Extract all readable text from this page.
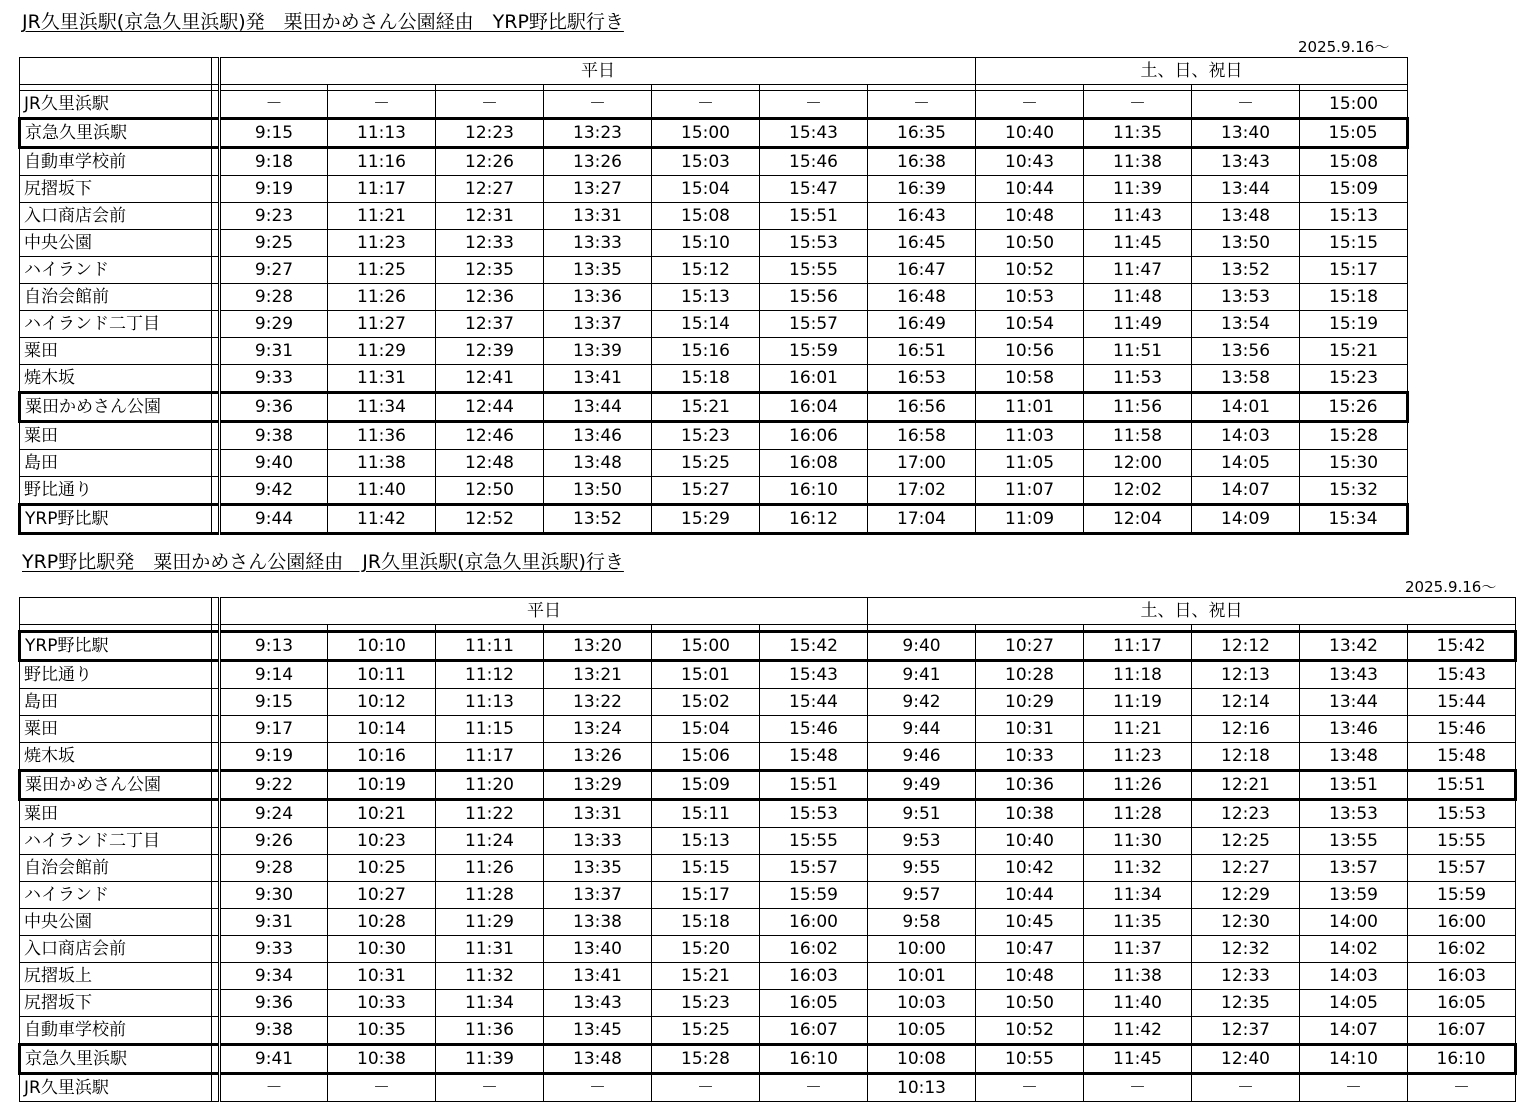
JR久里浜駅(京急久里浜駅)発　栗田かめさん公園経由　YRP野比駅行き
2025.9.16～
		平日							土、日、祝日			

JR久里浜駅		－	－	－	－	－	－	－	－	－	－	15:00
京急久里浜駅		9:15	11:13	12:23	13:23	15:00	15:43	16:35	10:40	11:35	13:40	15:05
自動車学校前		9:18	11:16	12:26	13:26	15:03	15:46	16:38	10:43	11:38	13:43	15:08
尻摺坂下		9:19	11:17	12:27	13:27	15:04	15:47	16:39	10:44	11:39	13:44	15:09
入口商店会前		9:23	11:21	12:31	13:31	15:08	15:51	16:43	10:48	11:43	13:48	15:13
中央公園		9:25	11:23	12:33	13:33	15:10	15:53	16:45	10:50	11:45	13:50	15:15
ハイランド		9:27	11:25	12:35	13:35	15:12	15:55	16:47	10:52	11:47	13:52	15:17
自治会館前		9:28	11:26	12:36	13:36	15:13	15:56	16:48	10:53	11:48	13:53	15:18
ハイランド二丁目		9:29	11:27	12:37	13:37	15:14	15:57	16:49	10:54	11:49	13:54	15:19
粟田		9:31	11:29	12:39	13:39	15:16	15:59	16:51	10:56	11:51	13:56	15:21
焼木坂		9:33	11:31	12:41	13:41	15:18	16:01	16:53	10:58	11:53	13:58	15:23
粟田かめさん公園		9:36	11:34	12:44	13:44	15:21	16:04	16:56	11:01	11:56	14:01	15:26
粟田		9:38	11:36	12:46	13:46	15:23	16:06	16:58	11:03	11:58	14:03	15:28
島田		9:40	11:38	12:48	13:48	15:25	16:08	17:00	11:05	12:00	14:05	15:30
野比通り		9:42	11:40	12:50	13:50	15:27	16:10	17:02	11:07	12:02	14:07	15:32
YRP野比駅		9:44	11:42	12:52	13:52	15:29	16:12	17:04	11:09	12:04	14:09	15:34
YRP野比駅発　粟田かめさん公園経由　JR久里浜駅(京急久里浜駅)行き
2025.9.16～
		平日						土、日、祝日					

YRP野比駅		9:13	10:10	11:11	13:20	15:00	15:42	9:40	10:27	11:17	12:12	13:42	15:42
野比通り		9:14	10:11	11:12	13:21	15:01	15:43	9:41	10:28	11:18	12:13	13:43	15:43
島田		9:15	10:12	11:13	13:22	15:02	15:44	9:42	10:29	11:19	12:14	13:44	15:44
粟田		9:17	10:14	11:15	13:24	15:04	15:46	9:44	10:31	11:21	12:16	13:46	15:46
焼木坂		9:19	10:16	11:17	13:26	15:06	15:48	9:46	10:33	11:23	12:18	13:48	15:48
粟田かめさん公園		9:22	10:19	11:20	13:29	15:09	15:51	9:49	10:36	11:26	12:21	13:51	15:51
粟田		9:24	10:21	11:22	13:31	15:11	15:53	9:51	10:38	11:28	12:23	13:53	15:53
ハイランド二丁目		9:26	10:23	11:24	13:33	15:13	15:55	9:53	10:40	11:30	12:25	13:55	15:55
自治会館前		9:28	10:25	11:26	13:35	15:15	15:57	9:55	10:42	11:32	12:27	13:57	15:57
ハイランド		9:30	10:27	11:28	13:37	15:17	15:59	9:57	10:44	11:34	12:29	13:59	15:59
中央公園		9:31	10:28	11:29	13:38	15:18	16:00	9:58	10:45	11:35	12:30	14:00	16:00
入口商店会前		9:33	10:30	11:31	13:40	15:20	16:02	10:00	10:47	11:37	12:32	14:02	16:02
尻摺坂上		9:34	10:31	11:32	13:41	15:21	16:03	10:01	10:48	11:38	12:33	14:03	16:03
尻摺坂下		9:36	10:33	11:34	13:43	15:23	16:05	10:03	10:50	11:40	12:35	14:05	16:05
自動車学校前		9:38	10:35	11:36	13:45	15:25	16:07	10:05	10:52	11:42	12:37	14:07	16:07
京急久里浜駅		9:41	10:38	11:39	13:48	15:28	16:10	10:08	10:55	11:45	12:40	14:10	16:10
JR久里浜駅		－	－	－	－	－	－	10:13	－	－	－	－	－
